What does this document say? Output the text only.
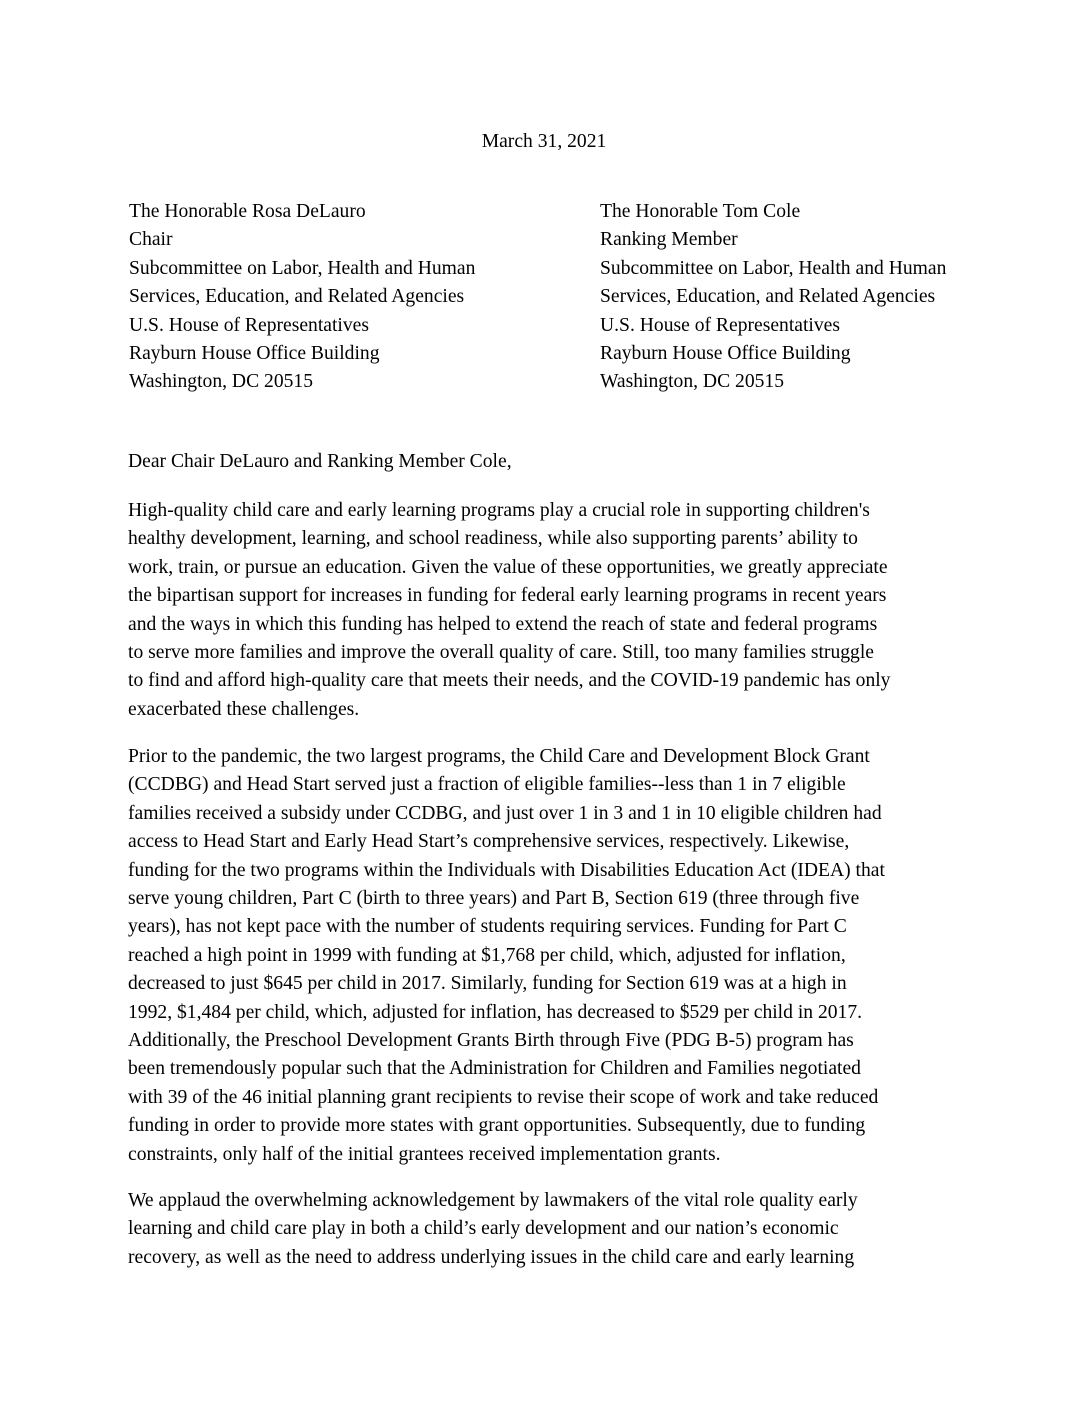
March 31, 2021

The Honorable Rosa DeLauro
Chair
Subcommittee on Labor, Health and Human
Services, Education, and Related Agencies
U.S. House of Representatives
Rayburn House Office Building
Washington, DC 20515
The Honorable Tom Cole
Ranking Member
Subcommittee on Labor, Health and Human
Services, Education, and Related Agencies
U.S. House of Representatives
Rayburn House Office Building
Washington, DC 20515

Dear Chair DeLauro and Ranking Member Cole,

High-quality child care and early learning programs play a crucial role in supporting children's
healthy development, learning, and school readiness, while also supporting parents’ ability to
work, train, or pursue an education. Given the value of these opportunities, we greatly appreciate
the bipartisan support for increases in funding for federal early learning programs in recent years
and the ways in which this funding has helped to extend the reach of state and federal programs
to serve more families and improve the overall quality of care. Still, too many families struggle
to find and afford high-quality care that meets their needs, and the COVID-19 pandemic has only
exacerbated these challenges.
Prior to the pandemic, the two largest programs, the Child Care and Development Block Grant
(CCDBG) and Head Start served just a fraction of eligible families--less than 1 in 7 eligible
families received a subsidy under CCDBG, and just over 1 in 3 and 1 in 10 eligible children had
access to Head Start and Early Head Start’s comprehensive services, respectively. Likewise,
funding for the two programs within the Individuals with Disabilities Education Act (IDEA) that
serve young children, Part C (birth to three years) and Part B, Section 619 (three through five
years), has not kept pace with the number of students requiring services. Funding for Part C
reached a high point in 1999 with funding at $1,768 per child, which, adjusted for inflation,
decreased to just $645 per child in 2017. Similarly, funding for Section 619 was at a high in
1992, $1,484 per child, which, adjusted for inflation, has decreased to $529 per child in 2017.
Additionally, the Preschool Development Grants Birth through Five (PDG B-5) program has
been tremendously popular such that the Administration for Children and Families negotiated
with 39 of the 46 initial planning grant recipients to revise their scope of work and take reduced
funding in order to provide more states with grant opportunities. Subsequently, due to funding
constraints, only half of the initial grantees received implementation grants.
We applaud the overwhelming acknowledgement by lawmakers of the vital role quality early
learning and child care play in both a child’s early development and our nation’s economic
recovery, as well as the need to address underlying issues in the child care and early learning
